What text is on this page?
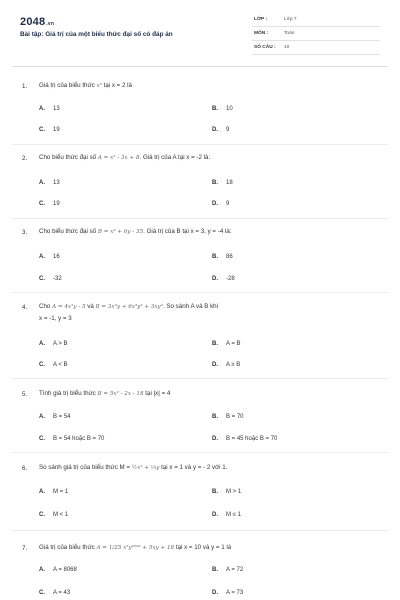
2048.vn
Bài tập: Giá trị của một biểu thức đại số có đáp án
LỚP :	Lớp 7
MÔN :	Toán
SỐ CÂU : 10
1. Giá trị của biểu thức x³ tại x = 2 là
A. 13	B. 10
C. 19	D. 9
2. Cho biểu thức đại số A = x² - 3x + 8. Giá trị của A tại x = -2 là:
A. 13	B. 18
C. 19	D. 9
3. Cho biểu thức đại số B = x³ + 6y - 35. Giá trị của B tại x = 3, y = -4 là:
A. 16	B. 86
C. -32	D. -28
4. Cho A = 4x²y - 5 và B = 3x²y + 6x²y² + 3xy². So sánh A và B khi
x = -1, y = 3
A. A > B	B. A = B
C. A < B	D. A ≥ B
5. Tính giá trị biểu thức B = 5x² - 2x - 18 tại |x| = 4
A. B = 54	B. B = 70
C. B = 54 hoặc B = 70	D. B = 45 hoặc B = 70
6. So sánh giá trị của biểu thức M = ½x² + ⅓y tại x = 1 và y = - 2 với 1.
A. M = 1	B. M > 1
C. M < 1	D. M ≤ 1
7. Giá trị của biểu thức A = 1/25 x²y²⁰⁰⁰ + 5xy + 18 tại x = 10 và y = 1 là
A. A = 8068	B. A = 72
C. A = 43	D. A = 73
